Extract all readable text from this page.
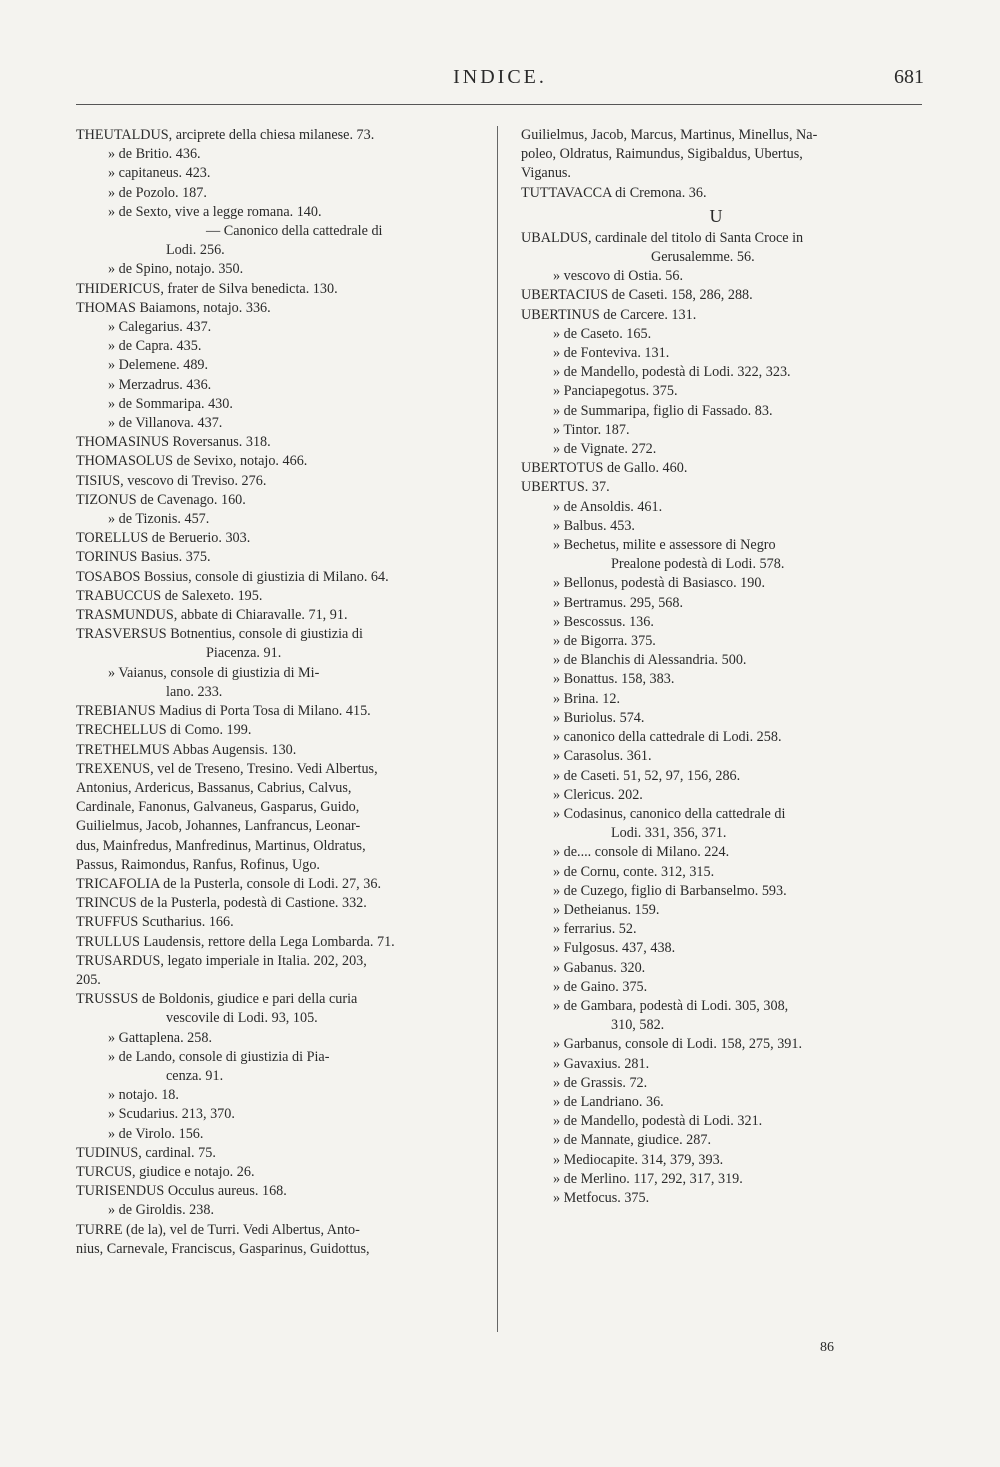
INDICE.	681
THEUTALDUS, arciprete della chiesa milanese. 73.
» de Britio. 436.
» capitaneus. 423.
» de Pozolo. 187.
» de Sexto, vive a legge romana. 140.
— Canonico della cattedrale di
Lodi. 256.
» de Spino, notajo. 350.
THIDERICUS, frater de Silva benedicta. 130.
THOMAS Baiamons, notajo. 336.
» Calegarius. 437.
» de Capra. 435.
» Delemene. 489.
» Merzadrus. 436.
» de Sommaripa. 430.
» de Villanova. 437.
THOMASINUS Roversanus. 318.
THOMASOLUS de Sevixo, notajo. 466.
TISIUS, vescovo di Treviso. 276.
TIZONUS de Cavenago. 160.
» de Tizonis. 457.
TORELLUS de Beruerio. 303.
TORINUS Basius. 375.
TOSABOS Bossius, console di giustizia di Milano. 64.
TRABUCCUS de Salexeto. 195.
TRASMUNDUS, abbate di Chiaravalle. 71, 91.
TRASVERSUS Botnentius, console di giustizia di
Piacenza. 91.
» Vaianus, console di giustizia di Mi-
lano. 233.
TREBIANUS Madius di Porta Tosa di Milano. 415.
TRECHELLUS di Como. 199.
TRETHELMUS Abbas Augensis. 130.
TREXENUS, vel de Treseno, Tresino. Vedi Albertus,
Antonius, Ardericus, Bassanus, Cabrius, Calvus,
Cardinale, Fanonus, Galvaneus, Gasparus, Guido,
Guilielmus, Jacob, Johannes, Lanfrancus, Leonar-
dus, Mainfredus, Manfredinus, Martinus, Oldratus,
Passus, Raimondus, Ranfus, Rofinus, Ugo.
TRICAFOLIA de la Pusterla, console di Lodi. 27, 36.
TRINCUS de la Pusterla, podestà di Castione. 332.
TRUFFUS Scutharius. 166.
TRULLUS Laudensis, rettore della Lega Lombarda. 71.
TRUSARDUS, legato imperiale in Italia. 202, 203,
205.
TRUSSUS de Boldonis, giudice e pari della curia
vescovile di Lodi. 93, 105.
» Gattaplena. 258.
» de Lando, console di giustizia di Pia-
cenza. 91.
» notajo. 18.
» Scudarius. 213, 370.
» de Virolo. 156.
TUDINUS, cardinal. 75.
TURCUS, giudice e notajo. 26.
TURISENDUS Occulus aureus. 168.
» de Giroldis. 238.
TURRE (de la), vel de Turri. Vedi Albertus, Anto-
nius, Carnevale, Franciscus, Gasparinus, Guidottus,
Guilielmus, Jacob, Marcus, Martinus, Minellus, Na-
poleo, Oldratus, Raimundus, Sigibaldus, Ubertus,
Viganus.
TUTTAVACCA di Cremona. 36.
U
UBALDUS, cardinale del titolo di Santa Croce in
Gerusalemme. 56.
» vescovo di Ostia. 56.
UBERTACIUS de Caseti. 158, 286, 288.
UBERTINUS de Carcere. 131.
» de Caseto. 165.
» de Fonteviva. 131.
» de Mandello, podestà di Lodi. 322, 323.
» Panciapegotus. 375.
» de Summaripa, figlio di Fassado. 83.
» Tintor. 187.
» de Vignate. 272.
UBERTOTUS de Gallo. 460.
UBERTUS. 37.
» de Ansoldis. 461.
» Balbus. 453.
» Bechetus, milite e assessore di Negro
Prealone podestà di Lodi. 578.
» Bellonus, podestà di Basiasco. 190.
» Bertramus. 295, 568.
» Bescossus. 136.
» de Bigorra. 375.
» de Blanchis di Alessandria. 500.
» Bonattus. 158, 383.
» Brina. 12.
» Buriolus. 574.
» canonico della cattedrale di Lodi. 258.
» Carasolus. 361.
» de Caseti. 51, 52, 97, 156, 286.
» Clericus. 202.
» Codasinus, canonico della cattedrale di
Lodi. 331, 356, 371.
» de.... console di Milano. 224.
» de Cornu, conte. 312, 315.
» de Cuzego, figlio di Barbanselmo. 593.
» Detheianus. 159.
» ferrarius. 52.
» Fulgosus. 437, 438.
» Gabanus. 320.
» de Gaino. 375.
» de Gambara, podestà di Lodi. 305, 308,
310, 582.
» Garbanus, console di Lodi. 158, 275, 391.
» Gavaxius. 281.
» de Grassis. 72.
» de Landriano. 36.
» de Mandello, podestà di Lodi. 321.
» de Mannate, giudice. 287.
» Mediocapite. 314, 379, 393.
» de Merlino. 117, 292, 317, 319.
» Metfocus. 375.
86
